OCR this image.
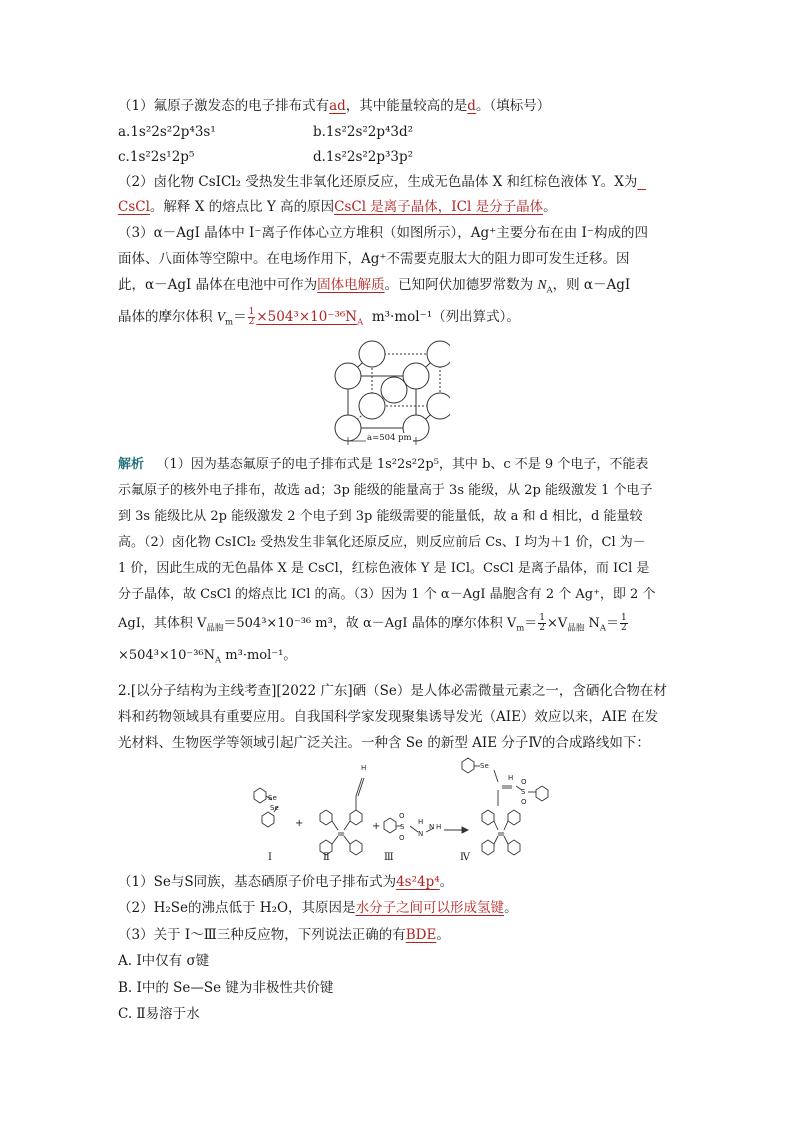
（1）氟原子激发态的电子排布式有ad，其中能量较高的是d。（填标号）
a.1s²2s²2p⁴3s¹	b.1s²2s²2p⁴3d²
c.1s²2s¹2p⁵	d.1s²2s²2p³3p²
（2）卤化物 CsICl₂ 受热发生非氧化还原反应，生成无色晶体 X 和红棕色液体 Y。X为
CsCl。解释 X 的熔点比 Y 高的原因CsCl 是离子晶体，ICl 是分子晶体。
（3）α－AgI 晶体中 I⁻离子作体心立方堆积（如图所示），Ag⁺主要分布在由 I⁻构成的四
面体、八面体等空隙中。在电场作用下，Ag⁺不需要克服太大的阻力即可发生迁移。因
此，α－AgI 晶体在电池中可作为固体电解质。已知阿伏加德罗常数为 $N_A$，则 α－AgI
晶体的摩尔体积 $V_m= \frac{1}{2} \times 504^3\times 10^{-36}N_A$ m³·mol⁻¹（列出算式）。
a=504 pm
解析 （1）因为基态氟原子的电子排布式是 1s²2s²2p⁵，其中 b、c 不是 9 个电子，不能表
示氟原子的核外电子排布，故选 ad；3p 能级的能量高于 3s 能级，从 2p 能级激发 1 个电子
到 3s 能级比从 2p 能级激发 2 个电子到 3p 能级需要的能量低，故 a 和 d 相比，d 能量较
高。（2）卤化物 CsICl₂ 受热发生非氧化还原反应，则反应前后 Cs、I 均为＋1 价，Cl 为－
1 价，因此生成的无色晶体 X 是 CsCl，红棕色液体 Y 是 ICl。CsCl 是离子晶体，而 ICl 是
分子晶体，故 CsCl 的熔点比 ICl 的高。（3）因为 1 个 α－AgI 晶胞含有 2 个 Ag⁺，即 2 个
AgI，其体积 $V_{晶胞}=504^3\times 10^{-36}$ m³，故 α－AgI 晶体的摩尔体积 $V_m= \frac{1}{2} \times V_{晶胞}$ $N_A= \frac{1}{2}$
$\times 504^3\times 10^{-36}N_A$ m³·mol⁻¹。
2.[以分子结构为主线考查][2022 广东]硒（Se）是人体必需微量元素之一，含硒化合物在材
料和药物领域具有重要应用。自我国科学家发现聚集诱导发光（AIE）效应以来，AIE 在发
光材料、生物医学等领域引起广泛关注。一种含 Se 的新型 AIE 分子Ⅳ的合成路线如下：
Se
Se
H
S
O
O N
N
H
H
Se
H
S
O
O
+	+
Ⅰ	Ⅱ	Ⅲ	Ⅳ
（1）Se与S同族，基态硒原子价电子排布式为4s²4p⁴。
（2）H₂Se的沸点低于 H₂O，其原因是水分子之间可以形成氢键。
（3）关于 Ⅰ～Ⅲ三种反应物，下列说法正确的有BDE。
A. Ⅰ中仅有 σ键
B. Ⅰ中的 Se—Se 键为非极性共价键
C. Ⅱ易溶于水
